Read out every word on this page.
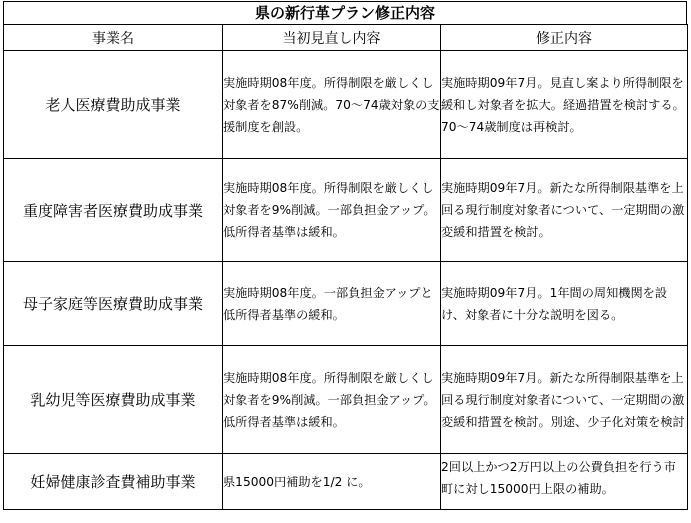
県の新行革プラン修正内容
事業名	当初見直し内容	修正内容
老人医療費助成事業	実施時期08年度。所得制限を厳しくし対象者を87%削減。70～74歳対象の支援制度を創設。	実施時期09年7月。見直し案より所得制限を緩和し対象者を拡大。経過措置を検討する。70～74歳制度は再検討。
重度障害者医療費助成事業	実施時期08年度。所得制限を厳しくし対象者を9%削減。一部負担金アップ。低所得者基準は緩和。	実施時期09年7月。新たな所得制限基準を上回る現行制度対象者について、一定期間の激変緩和措置を検討。
母子家庭等医療費助成事業	実施時期08年度。一部負担金アップと低所得者基準の緩和。	実施時期09年7月。1年間の周知機関を設け、対象者に十分な説明を図る。
乳幼児等医療費助成事業	実施時期08年度。所得制限を厳しくし対象者を9%削減。一部負担金アップ。低所得者基準は緩和。	実施時期09年7月。新たな所得制限基準を上回る現行制度対象者について、一定期間の激変緩和措置を検討。別途、少子化対策を検討
妊婦健康診査費補助事業	県15000円補助を1/2 に。	2回以上かつ2万円以上の公費負担を行う市町に対し15000円上限の補助。
